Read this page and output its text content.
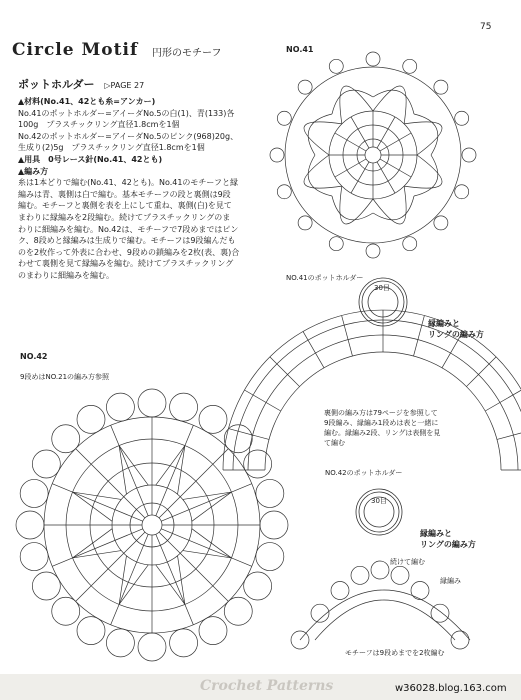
75
Circle Motif 円形のモチーフ
ポットホルダー ▷PAGE 27
▲材料(No.41、42とも糸=アンカー)
No.41のポットホルダー=アイーダNo.5の白(1)、青(133)各
100g　プラスチックリング直径1.8cmを1個
No.42のポットホルダー=アイーダNo.5のピンク(968)20g、
生成り(2)5g　プラスチックリング直径1.8cmを1個
▲用具　0号レース針(No.41、42とも)
▲編み方
糸は1本どりで編む(No.41、42とも)。No.41のモチーフと縁
編みは青、裏側は白で編む。基本モチーフの段と裏側は9段
編む。モチーフと裏側を表を上にして重ね、裏側(白)を見て
まわりに縁編みを2段編む。続けてプラスチックリングのま
わりに細編みを編む。No.42は、モチーフで7段めまではピン
ク、8段めと縁編みは生成りで編む。モチーフは9段編んだも
のを2枚作って外表に合わせ、9段めの鎖編みを2枚(表、裏)合
わせて裏側を見て縁編みを編む。続けてプラスチックリング
のまわりに細編みを編む。
NO.41
NO.42
NO.41のポットホルダー
NO.42のポットホルダー
9段めはNO.21の編み方参照
30目
30目
縁編みと
リングの編み方
縁編みと
リングの編み方
裏側の編み方は79ページを参照して
9段編み、縁編み1段めは表と一緒に
編む。縁編み2段、リングは表側を見
て編む
続けて編む
縁編み
モチーフは9段めまでを2枚編む
Crochet Patterns	w36028.blog.163.com
